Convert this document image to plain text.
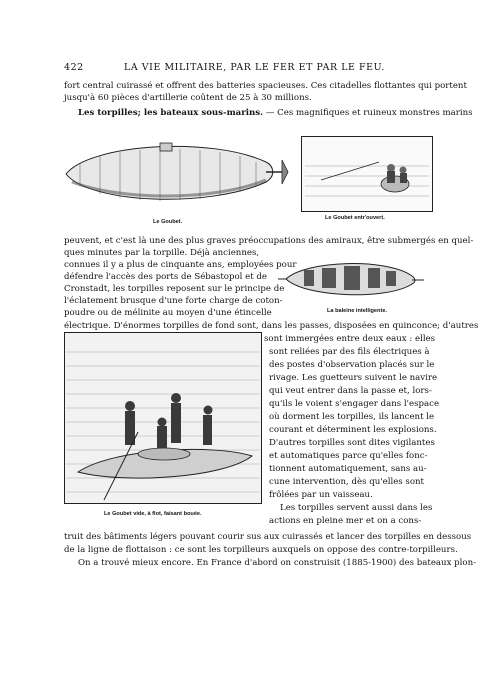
422	LA VIE MILITAIRE, PAR LE FER ET PAR LE FEU.
fort central cuirassé et offrent des batteries spacieuses. Ces citadelles flottantes qui portent
jusqu'à 60 pièces d'artillerie coûtent de 25 à 30 millions.
Les torpilles; les bateaux sous-marins. — Ces magnifiques et ruineux monstres marins
Le Goubet.
Le Goubet entr'ouvert.
peuvent, et c'est là une des plus graves préoccupations des amiraux, être submergés en quel-
ques minutes par la torpille. Déjà anciennes,
connues il y a plus de cinquante ans, employées pour
défendre l'accès des ports de Sébastopol et de
Cronstadt, les torpilles reposent sur le principe de
l'éclatement brusque d'une forte charge de coton-
poudre ou de mélinite au moyen d'une étincelle
électrique. D'énormes torpilles de fond sont, dans les passes, disposées en quinconce; d'autres
La baleine intelligente.
sont immergées entre deux eaux : elles
sont reliées par des fils électriques à
des postes d'observation placés sur le
rivage. Les guetteurs suivent le navire
qui veut entrer dans la passe et, lors-
qu'ils le voient s'engager dans l'espace
où dorment les torpilles, ils lancent le
courant et déterminent les explosions.
D'autres torpilles sont dites vigilantes
et automatiques parce qu'elles fonc-
tionnent automatiquement, sans au-
cune intervention, dès qu'elles sont
frôlées par un vaisseau.
Les torpilles servent aussi dans les
actions en pleine mer et on a cons-
Le Goubet vide, à flot, faisant bouée.
truit des bâtiments légers pouvant courir sus aux cuirassés et lancer des torpilles en dessous
de la ligne de flottaison : ce sont les torpilleurs auxquels on oppose des contre-torpilleurs.
On a trouvé mieux encore. En France d'abord on construisit (1885-1900) des bateaux plon-
